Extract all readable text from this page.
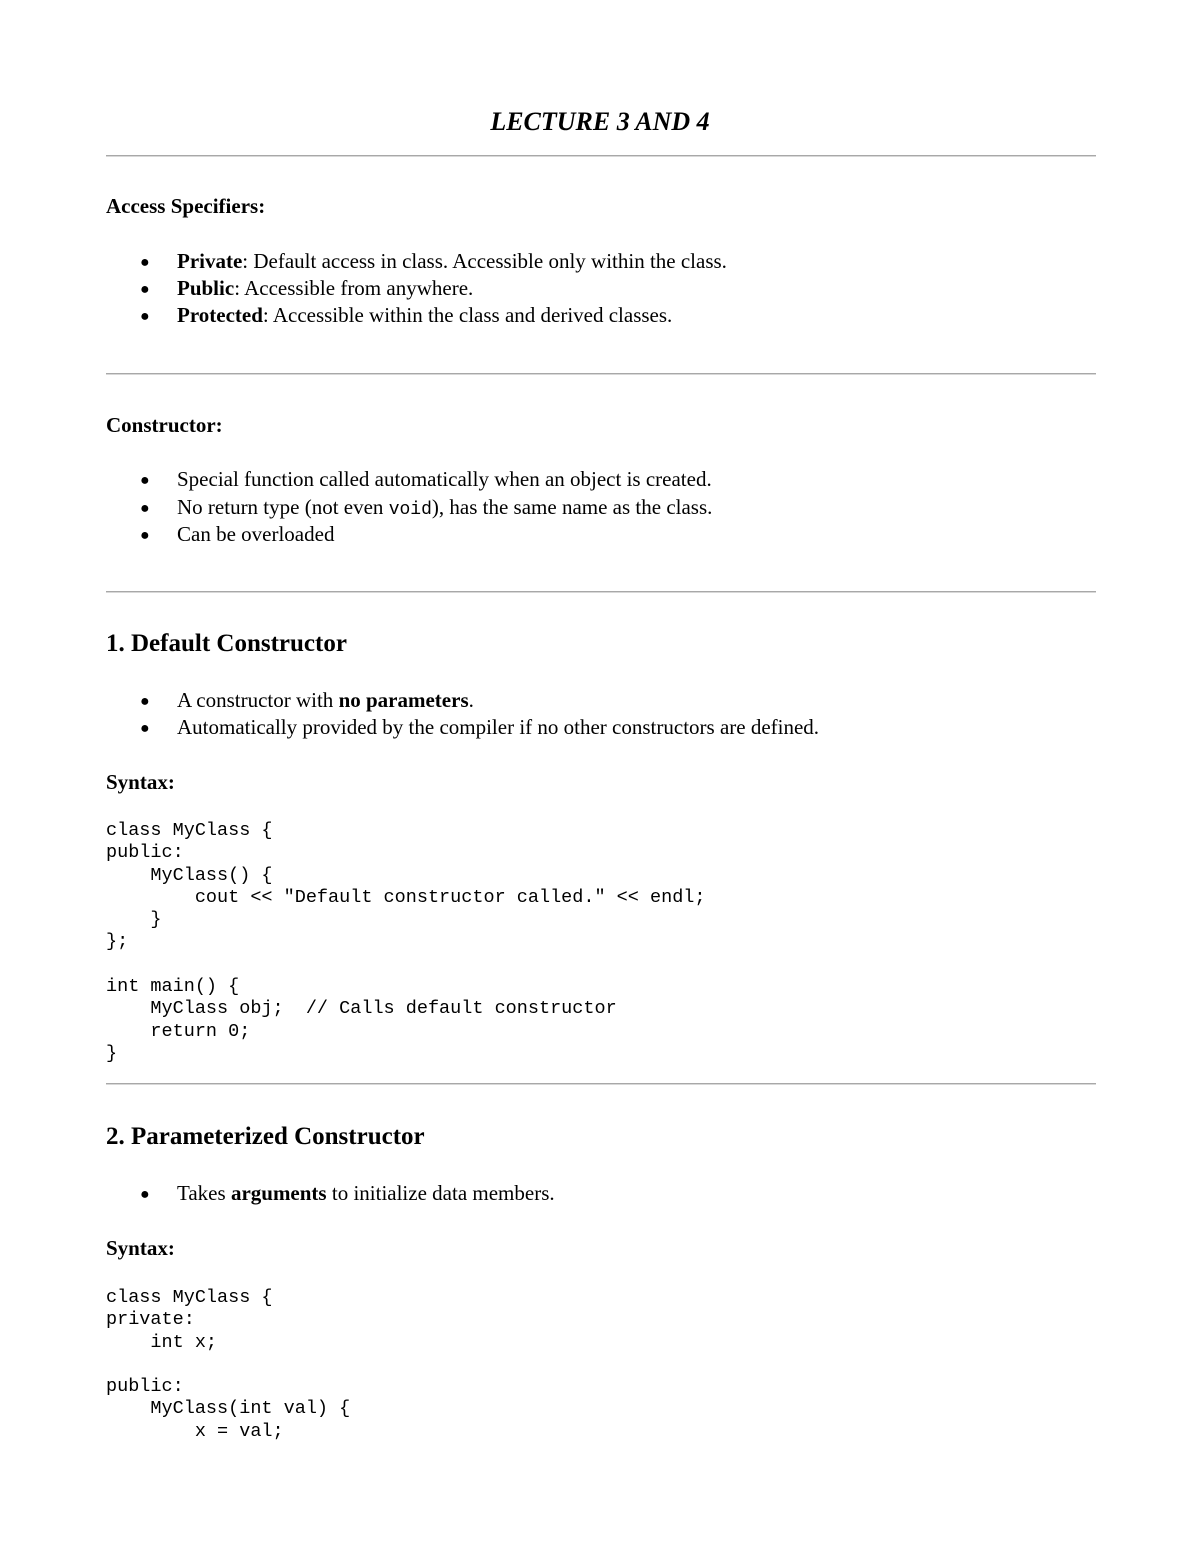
LECTURE 3 AND 4
Access Specifiers:
● Private: Default access in class. Accessible only within the class.
● Public: Accessible from anywhere.
● Protected: Accessible within the class and derived classes.
Constructor:
● Special function called automatically when an object is created.
● No return type (not even void), has the same name as the class.
● Can be overloaded
1. Default Constructor
● A constructor with no parameters.
● Automatically provided by the compiler if no other constructors are defined.
Syntax:
class MyClass {
public:
MyClass() {
cout << "Default constructor called." << endl;
}
};

int main() {
MyClass obj;  // Calls default constructor
return 0;
}
2. Parameterized Constructor
● Takes arguments to initialize data members.
Syntax:
class MyClass {
private:
int x;

public:
MyClass(int val) {
x = val;
